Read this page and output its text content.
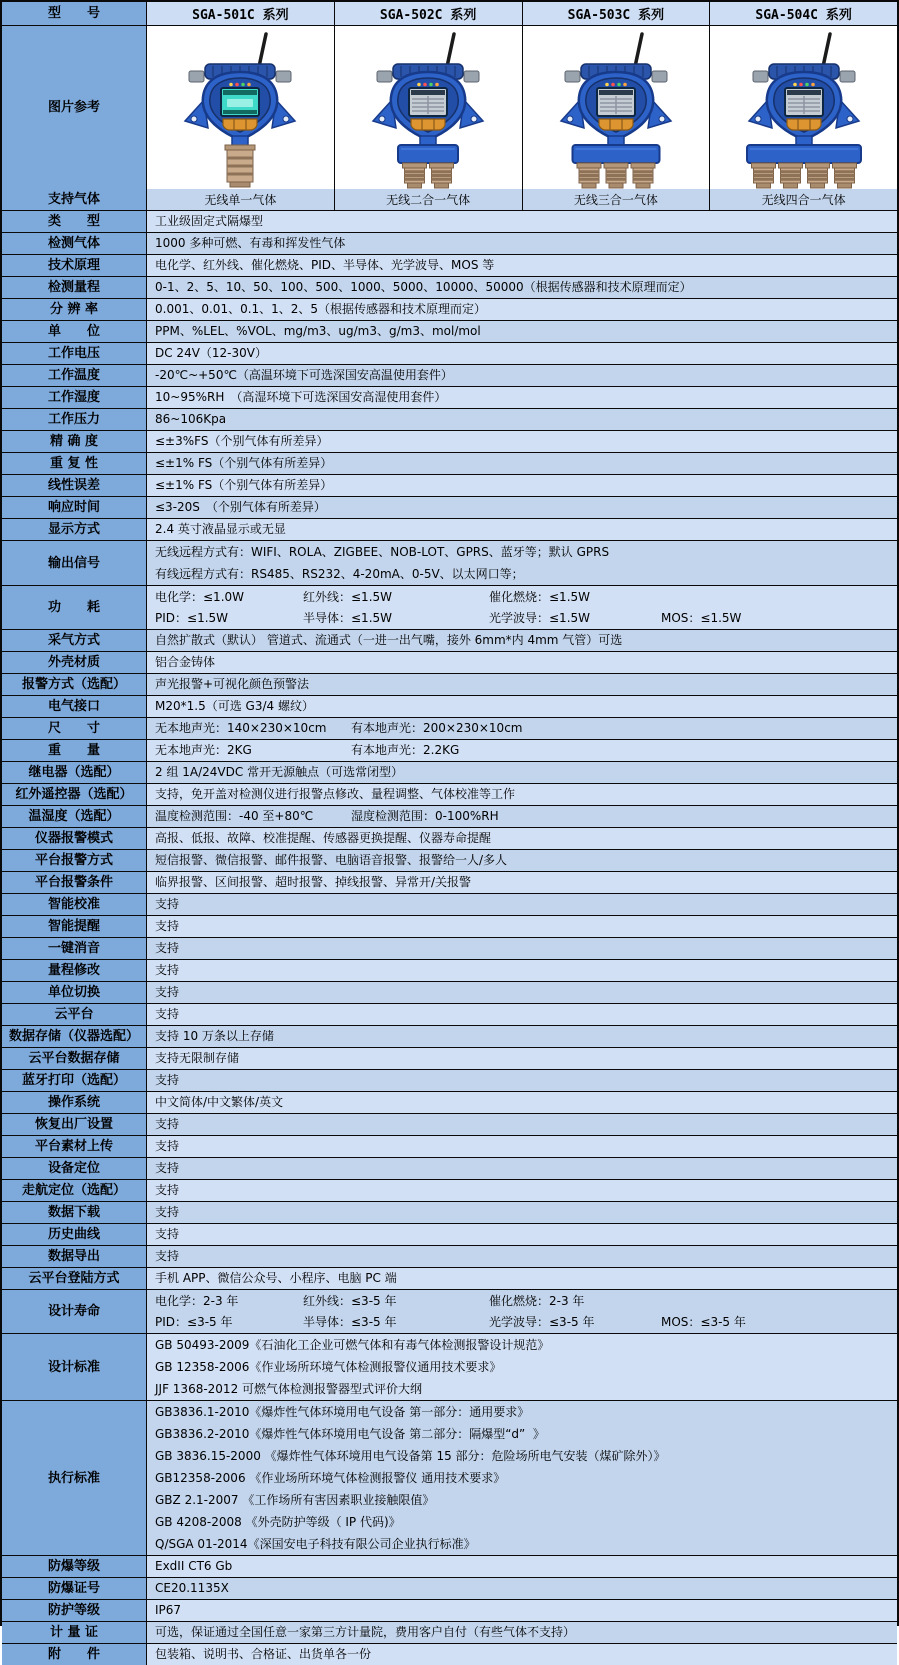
型　　号	SGA-501C 系列	SGA-502C 系列	SGA-503C 系列	SGA-504C 系列
图片参考
支持气体	无线单一气体	无线二合一气体	无线三合一气体	无线四合一气体
类　　型	工业级固定式隔爆型
检测气体	1000 多种可燃、有毒和挥发性气体
技术原理	电化学、红外线、催化燃烧、PID、半导体、光学波导、MOS 等
检测量程	0-1、2、5、10、50、100、500、1000、5000、10000、50000（根据传感器和技术原理而定）
分 辨 率	0.001、0.01、0.1、1、2、5（根据传感器和技术原理而定）
单　　位	PPM、%LEL、%VOL、mg/m3、ug/m3、g/m3、mol/mol
工作电压	DC 24V（12-30V）
工作温度	-20℃~+50℃（高温环境下可选深国安高温使用套件）
工作湿度	10~95%RH　（高湿环境下可选深国安高湿使用套件）
工作压力	86~106Kpa
精 确 度	≤±3%FS（个别气体有所差异）
重 复 性	≤±1% FS（个别气体有所差异）
线性误差	≤±1% FS（个别气体有所差异）
响应时间	≤3-20S　（个别气体有所差异）
显示方式	2.4 英寸液晶显示或无显
输出信号
无线远程方式有：WIFI、ROLA、ZIGBEE、NOB-LOT、GPRS、蓝牙等；默认 GPRS
有线远程方式有：RS485、RS232、4-20mA、0-5V、以太网口等；
功　　耗
电化学：≤1.0W	红外线：≤1.5W	催化燃烧：≤1.5W
PID：≤1.5W	半导体：≤1.5W	光学波导：≤1.5W	MOS：≤1.5W
采气方式	自然扩散式（默认） 管道式、流通式（一进一出气嘴，接外 6mm*内 4mm 气管）可选
外壳材质	铝合金铸体
报警方式（选配）	声光报警+可视化颜色预警法
电气接口	M20*1.5（可选 G3/4 螺纹）
尺　　寸	无本地声光：140×230×10cm 有本地声光：200×230×10cm
重　　量	无本地声光：2KG	有本地声光：2.2KG
继电器（选配）	2 组 1A/24VDC 常开无源触点（可选常闭型）
红外遥控器（选配）	支持，免开盖对检测仪进行报警点修改、量程调整、气体校准等工作
温湿度（选配）	温度检测范围：-40 至+80℃	湿度检测范围：0-100%RH
仪器报警模式	高报、低报、故障、校准提醒、传感器更换提醒、仪器寿命提醒
平台报警方式	短信报警、微信报警、邮件报警、电脑语音报警、报警给一人/多人
平台报警条件	临界报警、区间报警、超时报警、掉线报警、异常开/关报警
智能校准	支持
智能提醒	支持
一键消音	支持
量程修改	支持
单位切换	支持
云平台	支持
数据存储（仪器选配）	支持 10 万条以上存储
云平台数据存储	支持无限制存储
蓝牙打印（选配）	支持
操作系统	中文简体/中文繁体/英文
恢复出厂设置	支持
平台素材上传	支持
设备定位	支持
走航定位（选配）	支持
数据下载	支持
历史曲线	支持
数据导出	支持
云平台登陆方式	手机 APP、微信公众号、小程序、电脑 PC 端
设计寿命
电化学：2-3 年	红外线：≤3-5 年	催化燃烧：2-3 年
PID：≤3-5 年	半导体：≤3-5 年	光学波导：≤3-5 年	MOS：≤3-5 年
设计标准
GB 50493-2009《石油化工企业可燃气体和有毒气体检测报警设计规范》
GB 12358-2006《作业场所环境气体检测报警仪通用技术要求》
JJF 1368-2012 可燃气体检测报警器型式评价大纲
执行标准
GB3836.1-2010《爆炸性气体环境用电气设备 第一部分：通用要求》
GB3836.2-2010《爆炸性气体环境用电气设备 第二部分：隔爆型“d”  》
GB 3836.15-2000 《爆炸性气体环境用电气设备第 15 部分：危险场所电气安装（煤矿除外）》
GB12358-2006 《作业场所环境气体检测报警仪 通用技术要求》
GBZ 2.1-2007 《工作场所有害因素职业接触限值》
GB 4208-2008 《外壳防护等级（ IP 代码)》
Q/SGA 01-2014《深国安电子科技有限公司企业执行标准》
防爆等级	ExdII CT6 Gb
防爆证号	CE20.1135X
防护等级	IP67
计 量 证	可选，保证通过全国任意一家第三方计量院，费用客户自付（有些气体不支持）
附　　件	包装箱、说明书、合格证、出货单各一份
